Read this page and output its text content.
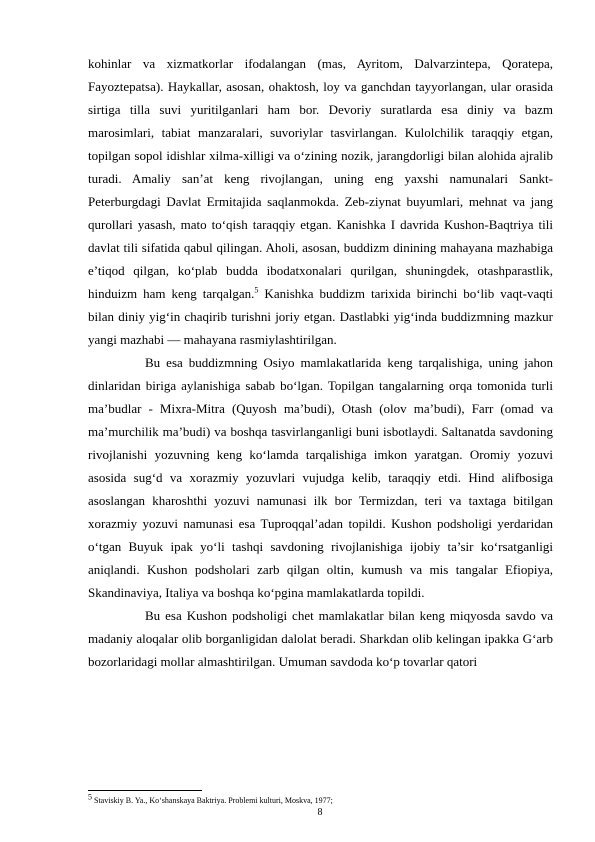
kohinlar va xizmatkorlar ifodalangan (mas, Ayritom, Dalvarzintepa, Qoratepa, Fayoztepatsa). Haykallar, asosan, ohaktosh, loy va ganchdan tayyorlangan, ular orasida sirtiga tilla suvi yuritilganlari ham bor. Devoriy suratlarda esa diniy va bazm marosimlari, tabiat manzaralari, suvoriylar tasvirlangan. Kulolchilik taraqqiy etgan, topilgan sopol idishlar xilma-xilligi va o‘zining nozik, jarangdorligi bilan alohida ajralib turadi. Amaliy san’at keng rivojlangan, uning eng yaxshi namunalari Sankt-Peterburgdagi Davlat Ermitajida saqlanmokda. Zeb-ziynat buyumlari, mehnat va jang qurollari yasash, mato to‘qish taraqqiy etgan. Kanishka I davrida Kushon-Baqtriya tili davlat tili sifatida qabul qilingan. Aholi, asosan, buddizm dinining mahayana mazhabiga e’tiqod qilgan, ko‘plab budda ibodatxonalari qurilgan, shuningdek, otashparastlik, hinduizm ham keng tarqalgan.$^5$ Kanishka buddizm tarixida birinchi bo‘lib vaqt-vaqti bilan diniy yig‘in chaqirib turishni joriy etgan. Dastlabki yig‘inda buddizmning mazkur yangi mazhabi — mahayana rasmiylashtirilgan.

Bu esa buddizmning Osiyo mamlakatlarida keng tarqalishiga, uning jahon dinlaridan biriga aylanishiga sabab bo‘lgan. Topilgan tangalarning orqa tomonida turli ma’budlar - Mixra-Mitra (Quyosh ma’budi), Otash (olov ma’budi), Farr (omad va ma’murchilik ma’budi) va boshqa tasvirlanganligi buni isbotlaydi. Saltanatda savdoning rivojlanishi yozuvning keng ko‘lamda tarqalishiga imkon yaratgan. Oromiy yozuvi asosida sug‘d va xorazmiy yozuvlari vujudga kelib, taraqqiy etdi. Hind alifbosiga asoslangan kharoshthi yozuvi namunasi ilk bor Termizdan, teri va taxtaga bitilgan xorazmiy yozuvi namunasi esa Tuproqqal’adan topildi. Kushon podsholigi yerdaridan o‘tgan Buyuk ipak yo‘li tashqi savdoning rivojlanishiga ijobiy ta’sir ko‘rsatganligi aniqlandi. Kushon podsholari zarb qilgan oltin, kumush va mis tangalar Efiopiya, Skandinaviya, Italiya va boshqa ko‘pgina mamlakatlarda topildi.

Bu esa Kushon podsholigi chet mamlakatlar bilan keng miqyosda savdo va madaniy aloqalar olib borganligidan dalolat beradi. Sharkdan olib kelingan ipakka G‘arb bozorlaridagi mollar almashtirilgan. Umuman savdoda ko‘p tovarlar qatori

$^5$ Staviskiy B. Ya., Ko‘shanskaya Baktriya. Problemi kulturi, Moskva, 1977;
8
